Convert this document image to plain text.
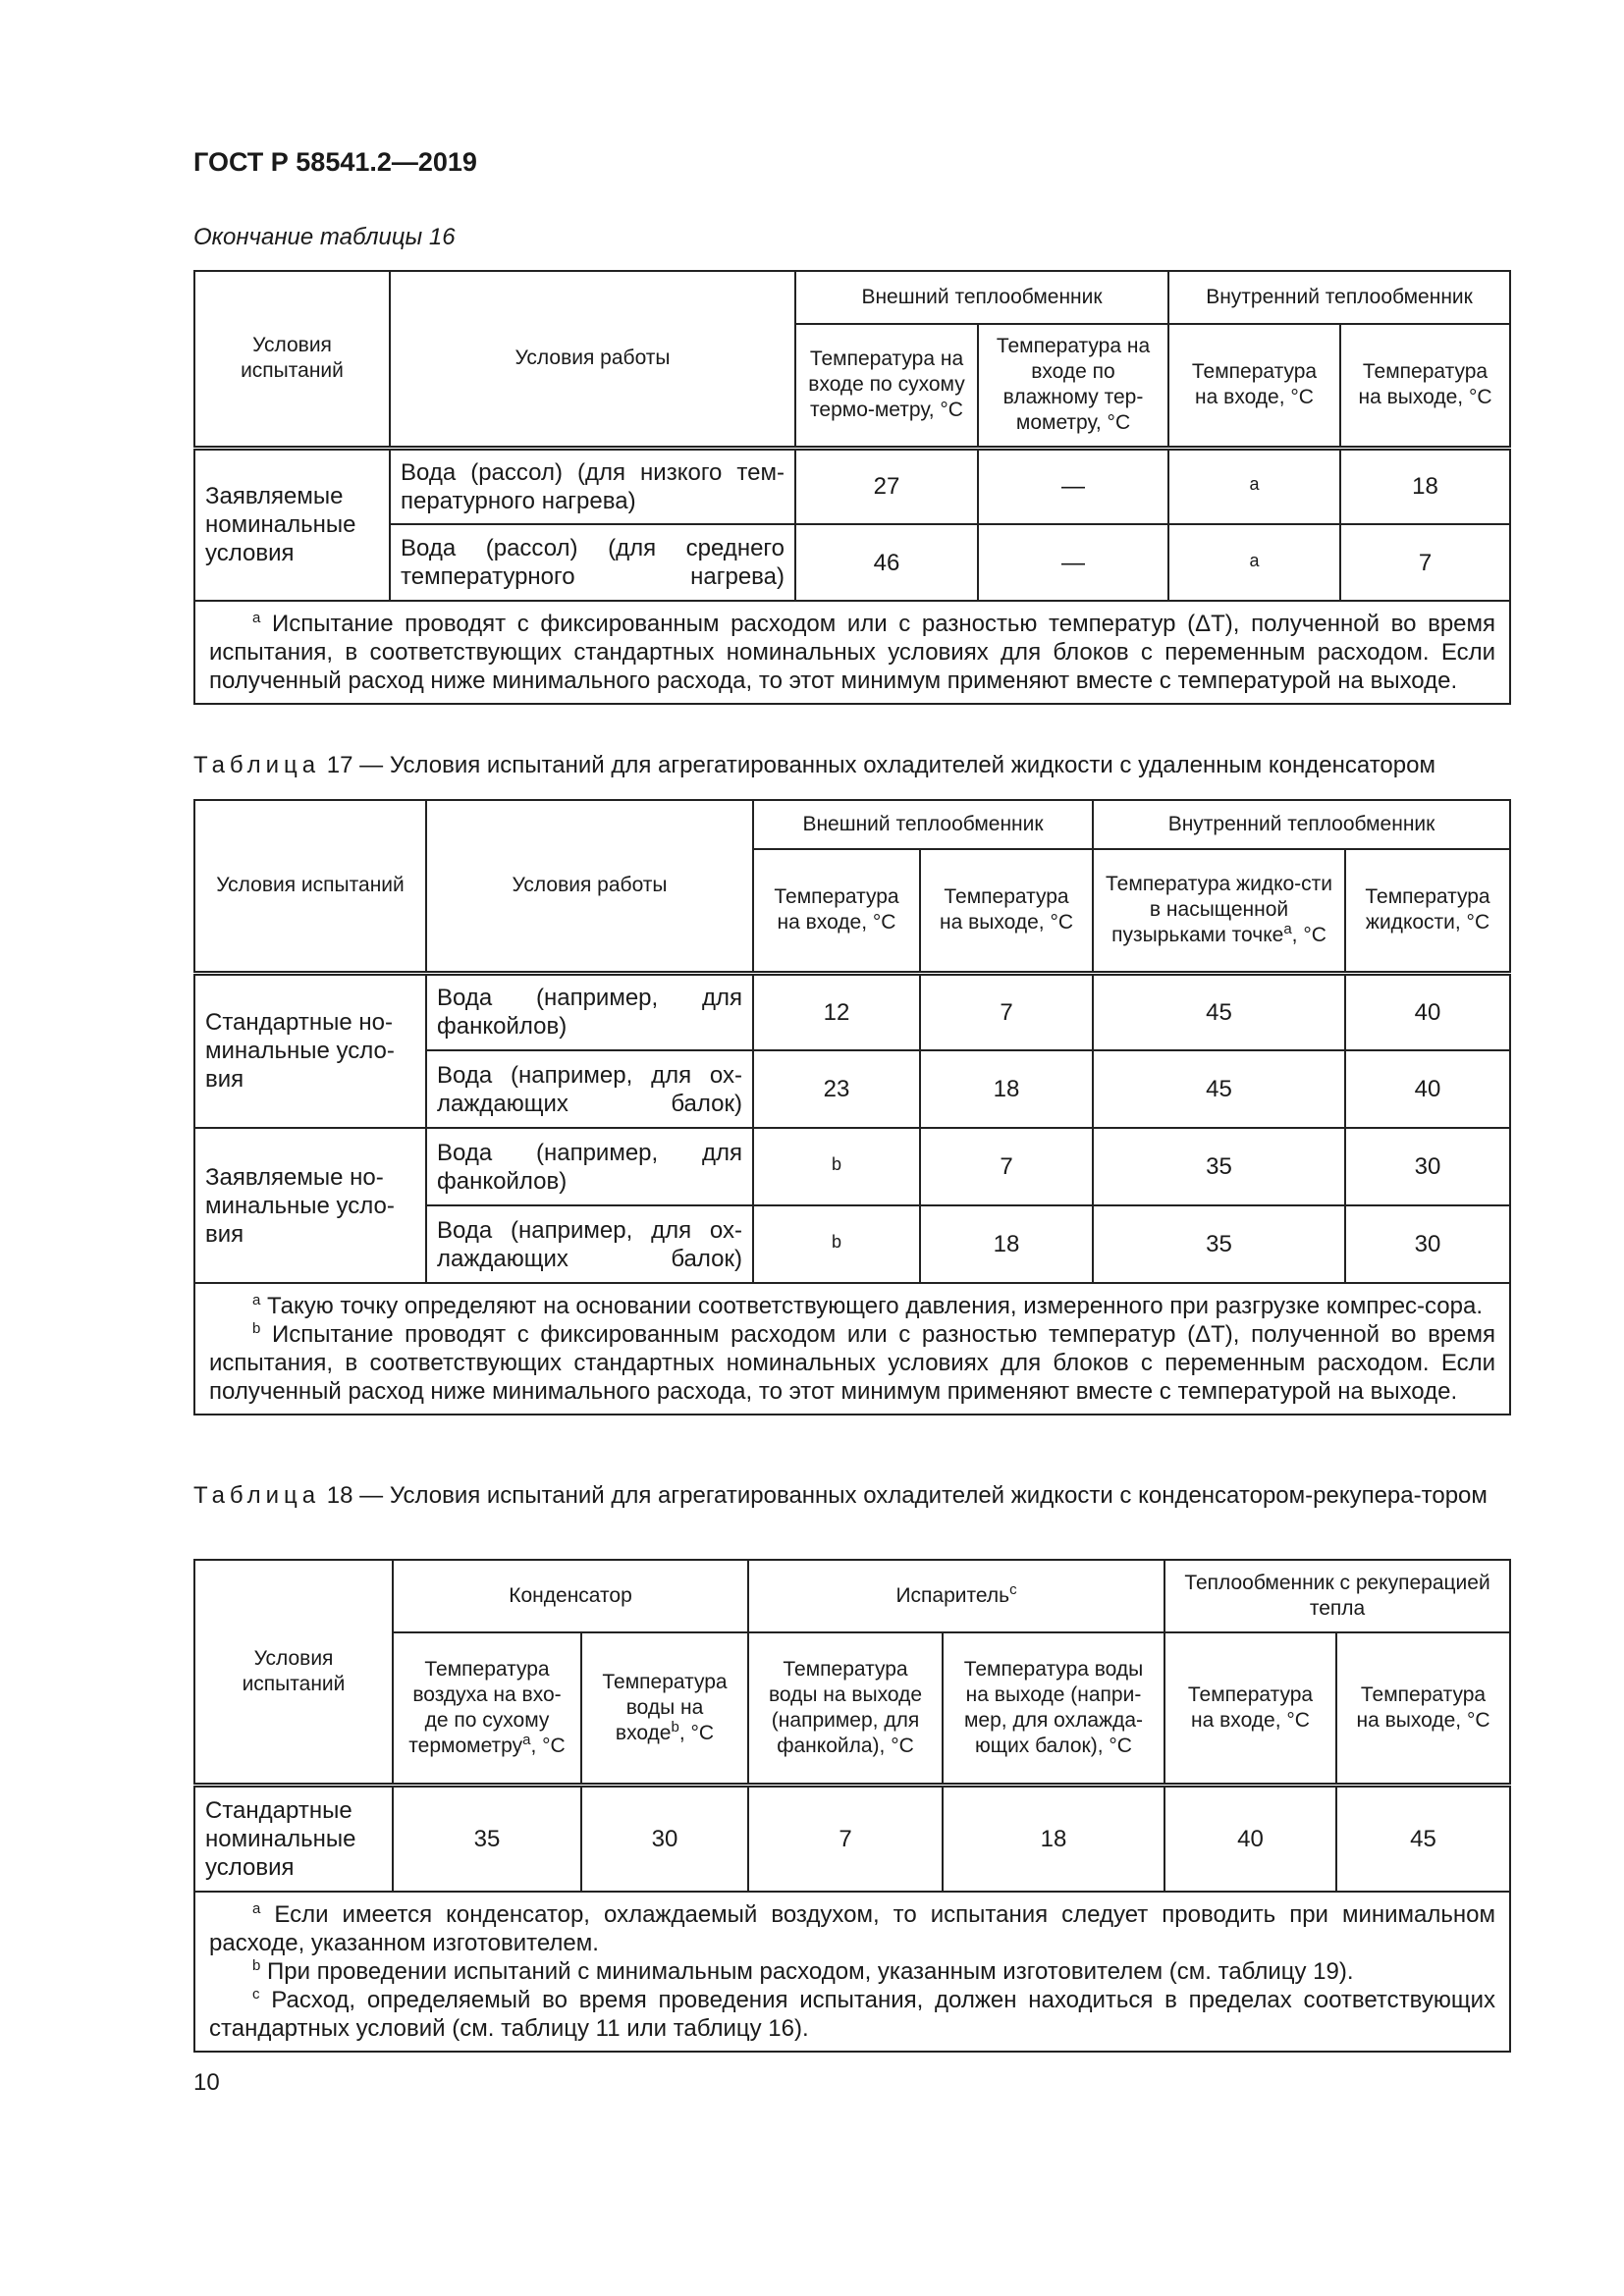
ГОСТ Р 58541.2—2019
Окончание таблицы 16
Условия испытаний	Условия работы	Внешний теплообменник		Внутренний теплообменник	
		Температура на входе по сухому термо-метру, °C	Температура на входе по влажному тер-мометру, °C	Температура на входе, °C	Температура на выходе, °C
Заявляемые номинальные условия	Вода (рассол) (для низкого тем-пературного нагрева)	27	—	$^а$	18
	Вода (рассол) (для среднего температурного нагрева)	46	—	$^а$	7

$^а$ Испытание проводят с фиксированным расходом или с разностью температур (ΔT), полученной во время испытания, в соответствующих стандартных номинальных условиях для блоков с переменным расходом. Если полученный расход ниже минимального расхода, то этот минимум применяют вместе с температурой на выходе.					
Таблица 17 — Условия испытаний для агрегатированных охладителей жидкости с удаленным конденсатором
Условия испытаний	Условия работы	Внешний теплообменник		Внутренний теплообменник	
		Температура на входе, °C	Температура на выходе, °C	Температура жидко-сти в насыщенной пузырьками точке$^а$, °C	Температура жидкости, °C
Стандартные но-минальные усло-вия	Вода (например, для фанкойлов)	12	7	45	40
	Вода (например, для ох-лаждающих балок)	23	18	45	40
Заявляемые но-минальные усло-вия	Вода (например, для фанкойлов)	$^b$	7	35	30
	Вода (например, для ох-лаждающих балок)	$^b$	18	35	30

$^а$ Такую точку определяют на основании соответствующего давления, измеренного при разгрузке компрес-сора.
$^b$ Испытание проводят с фиксированным расходом или с разностью температур (ΔT), полученной во время испытания, в соответствующих стандартных номинальных условиях для блоков с переменным расходом. Если полученный расход ниже минимального расхода, то этот минимум применяют вместе с температурой на выходе.					
Таблица 18 — Условия испытаний для агрегатированных охладителей жидкости с конденсатором-рекупера-тором
Условия испытаний	Конденсатор		Испаритель$^c$		Теплообменник с рекуперацией тепла	
	Температура воздуха на вхо-де по сухому термометру$^а$, °C	Температура воды на входе$^b$, °C	Температура воды на выходе (например, для фанкойла), °C	Температура воды на выходе (напри-мер, для охлажда-ющих балок), °C	Температура на входе, °C	Температура на выходе, °C
Стандартные номинальные условия	35	30	7	18	40	45

$^а$ Если имеется конденсатор, охлаждаемый воздухом, то испытания следует проводить при минимальном расходе, указанном изготовителем.
$^b$ При проведении испытаний с минимальным расходом, указанным изготовителем (см. таблицу 19).
$^c$ Расход, определяемый во время проведения испытания, должен находиться в пределах соответствующих стандартных условий (см. таблицу 11 или таблицу 16).						
10
